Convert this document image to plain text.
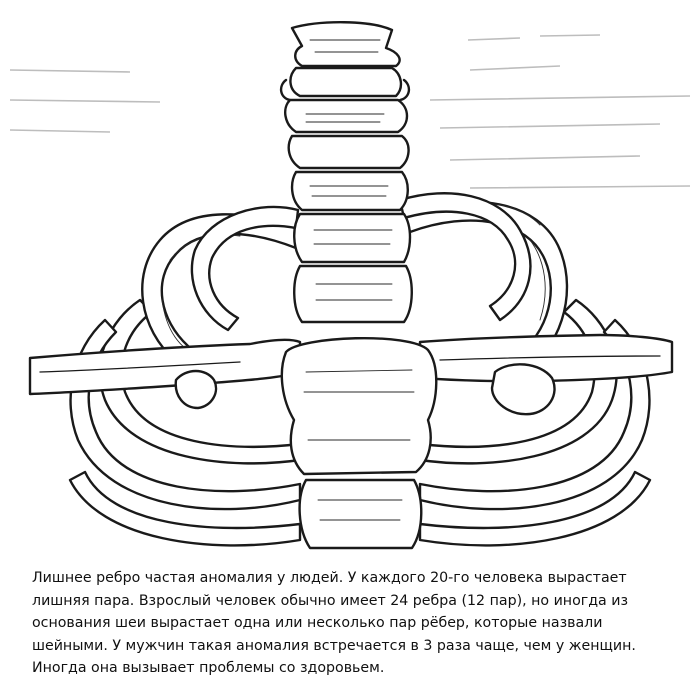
Лишнее ребро частая аномалия у людей. У каждого 20-го человека вырастает
лишняя пара. Взрослый человек обычно имеет 24 ребра (12 пар), но иногда из
основания шеи вырастает одна или несколько пар рёбер, которые назвали
шейными. У мужчин такая аномалия встречается в 3 раза чаще, чем у женщин.
Иногда она вызывает проблемы со здоровьем.
